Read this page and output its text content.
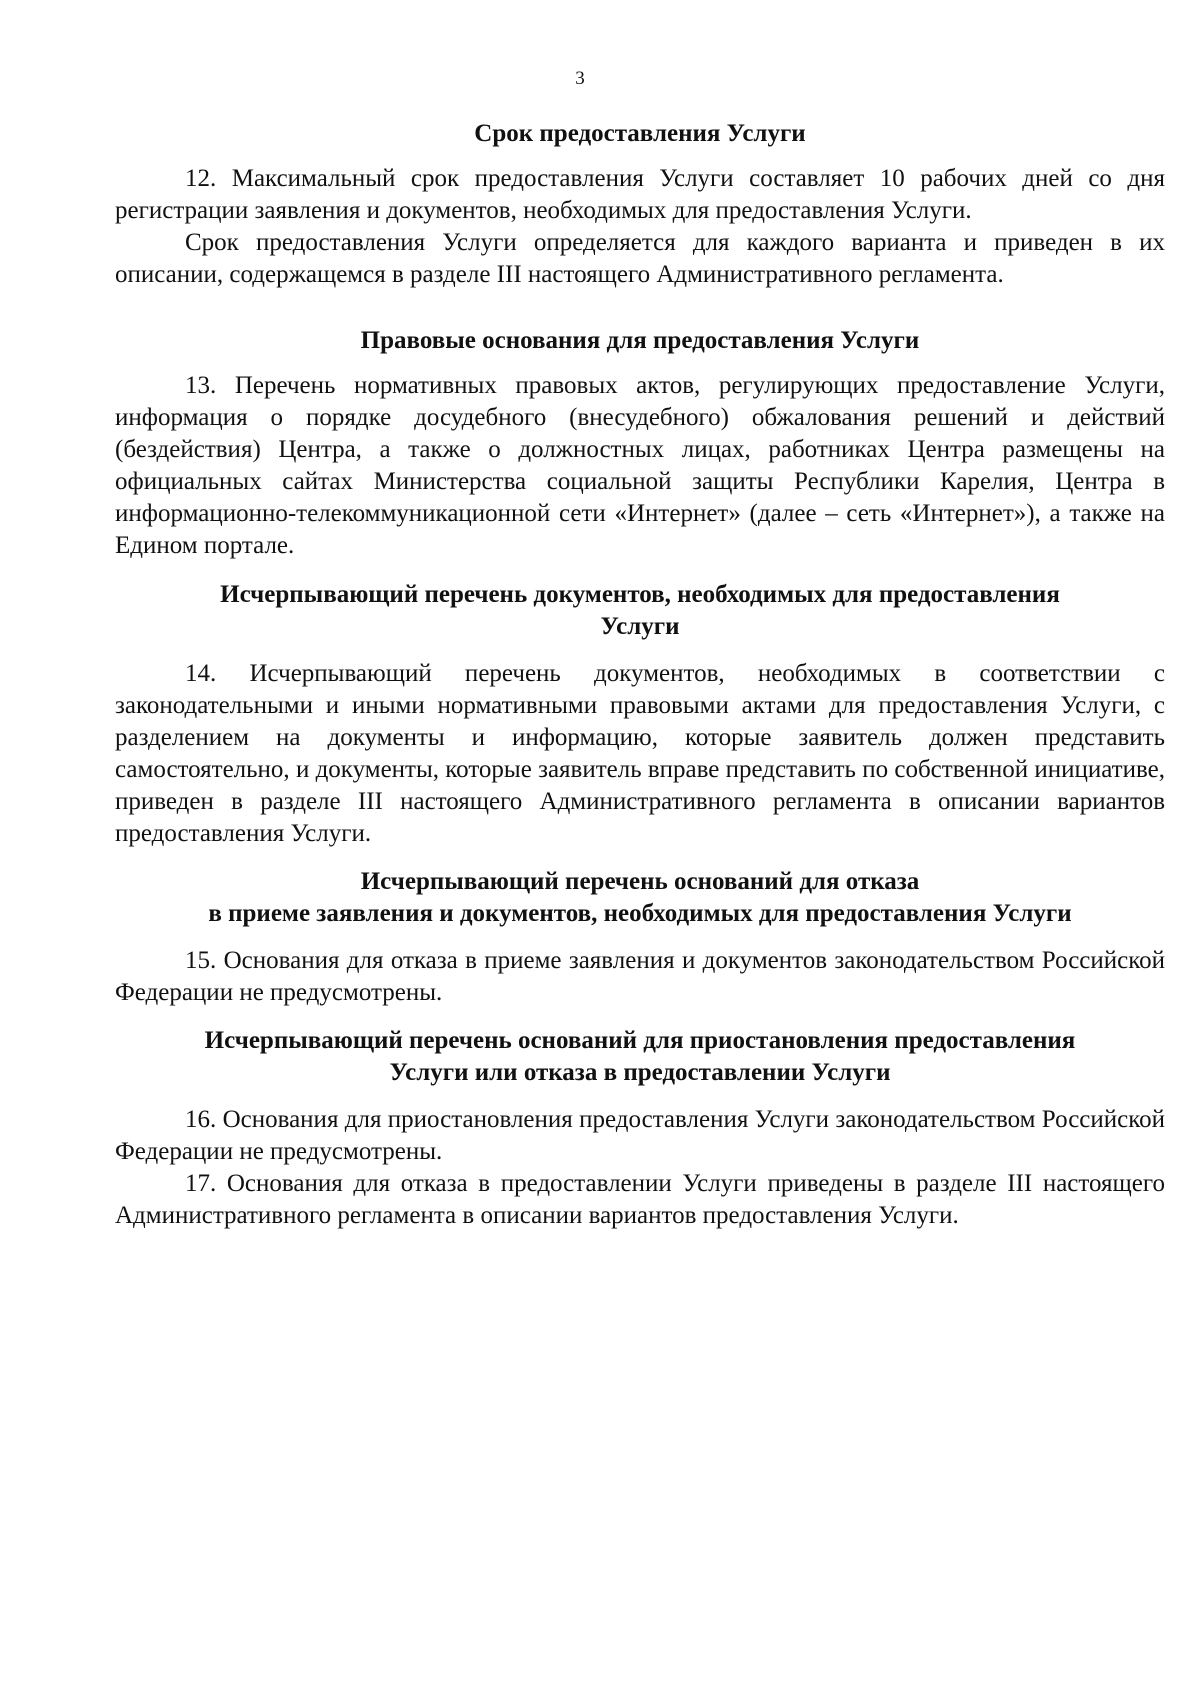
3
Срок предоставления Услуги

12. Максимальный срок предоставления Услуги составляет 10 рабочих дней со дня регистрации заявления и документов, необходимых для предоставления Услуги.

Срок предоставления Услуги определяется для каждого варианта и приведен в их описании, содержащемся в разделе III настоящего Административного регламента.

Правовые основания для предоставления Услуги

13. Перечень нормативных правовых актов, регулирующих предоставление Услуги, информация о порядке досудебного (внесудебного) обжалования решений и действий (бездействия) Центра, а также о должностных лицах, работниках Центра размещены на официальных сайтах Министерства социальной защиты Республики Карелия, Центра в информационно-телекоммуникационной сети «Интернет» (далее – сеть «Интернет»), а также на Едином портале.

Исчерпывающий перечень документов, необходимых для предоставления
Услуги

14. Исчерпывающий перечень документов, необходимых в соответствии с законодательными и иными нормативными правовыми актами для предоставления Услуги, с разделением на документы и информацию, которые заявитель должен представить самостоятельно, и документы, которые заявитель вправе представить по собственной инициативе, приведен в разделе III настоящего Административного регламента в описании вариантов предоставления Услуги.

Исчерпывающий перечень оснований для отказа
в приеме заявления и документов, необходимых для предоставления Услуги

15. Основания для отказа в приеме заявления и документов законодательством Российской Федерации не предусмотрены.

Исчерпывающий перечень оснований для приостановления предоставления
Услуги или отказа в предоставлении Услуги

16. Основания для приостановления предоставления Услуги законодательством Российской Федерации не предусмотрены.

17. Основания для отказа в предоставлении Услуги приведены в разделе III настоящего Административного регламента в описании вариантов предоставления Услуги.
